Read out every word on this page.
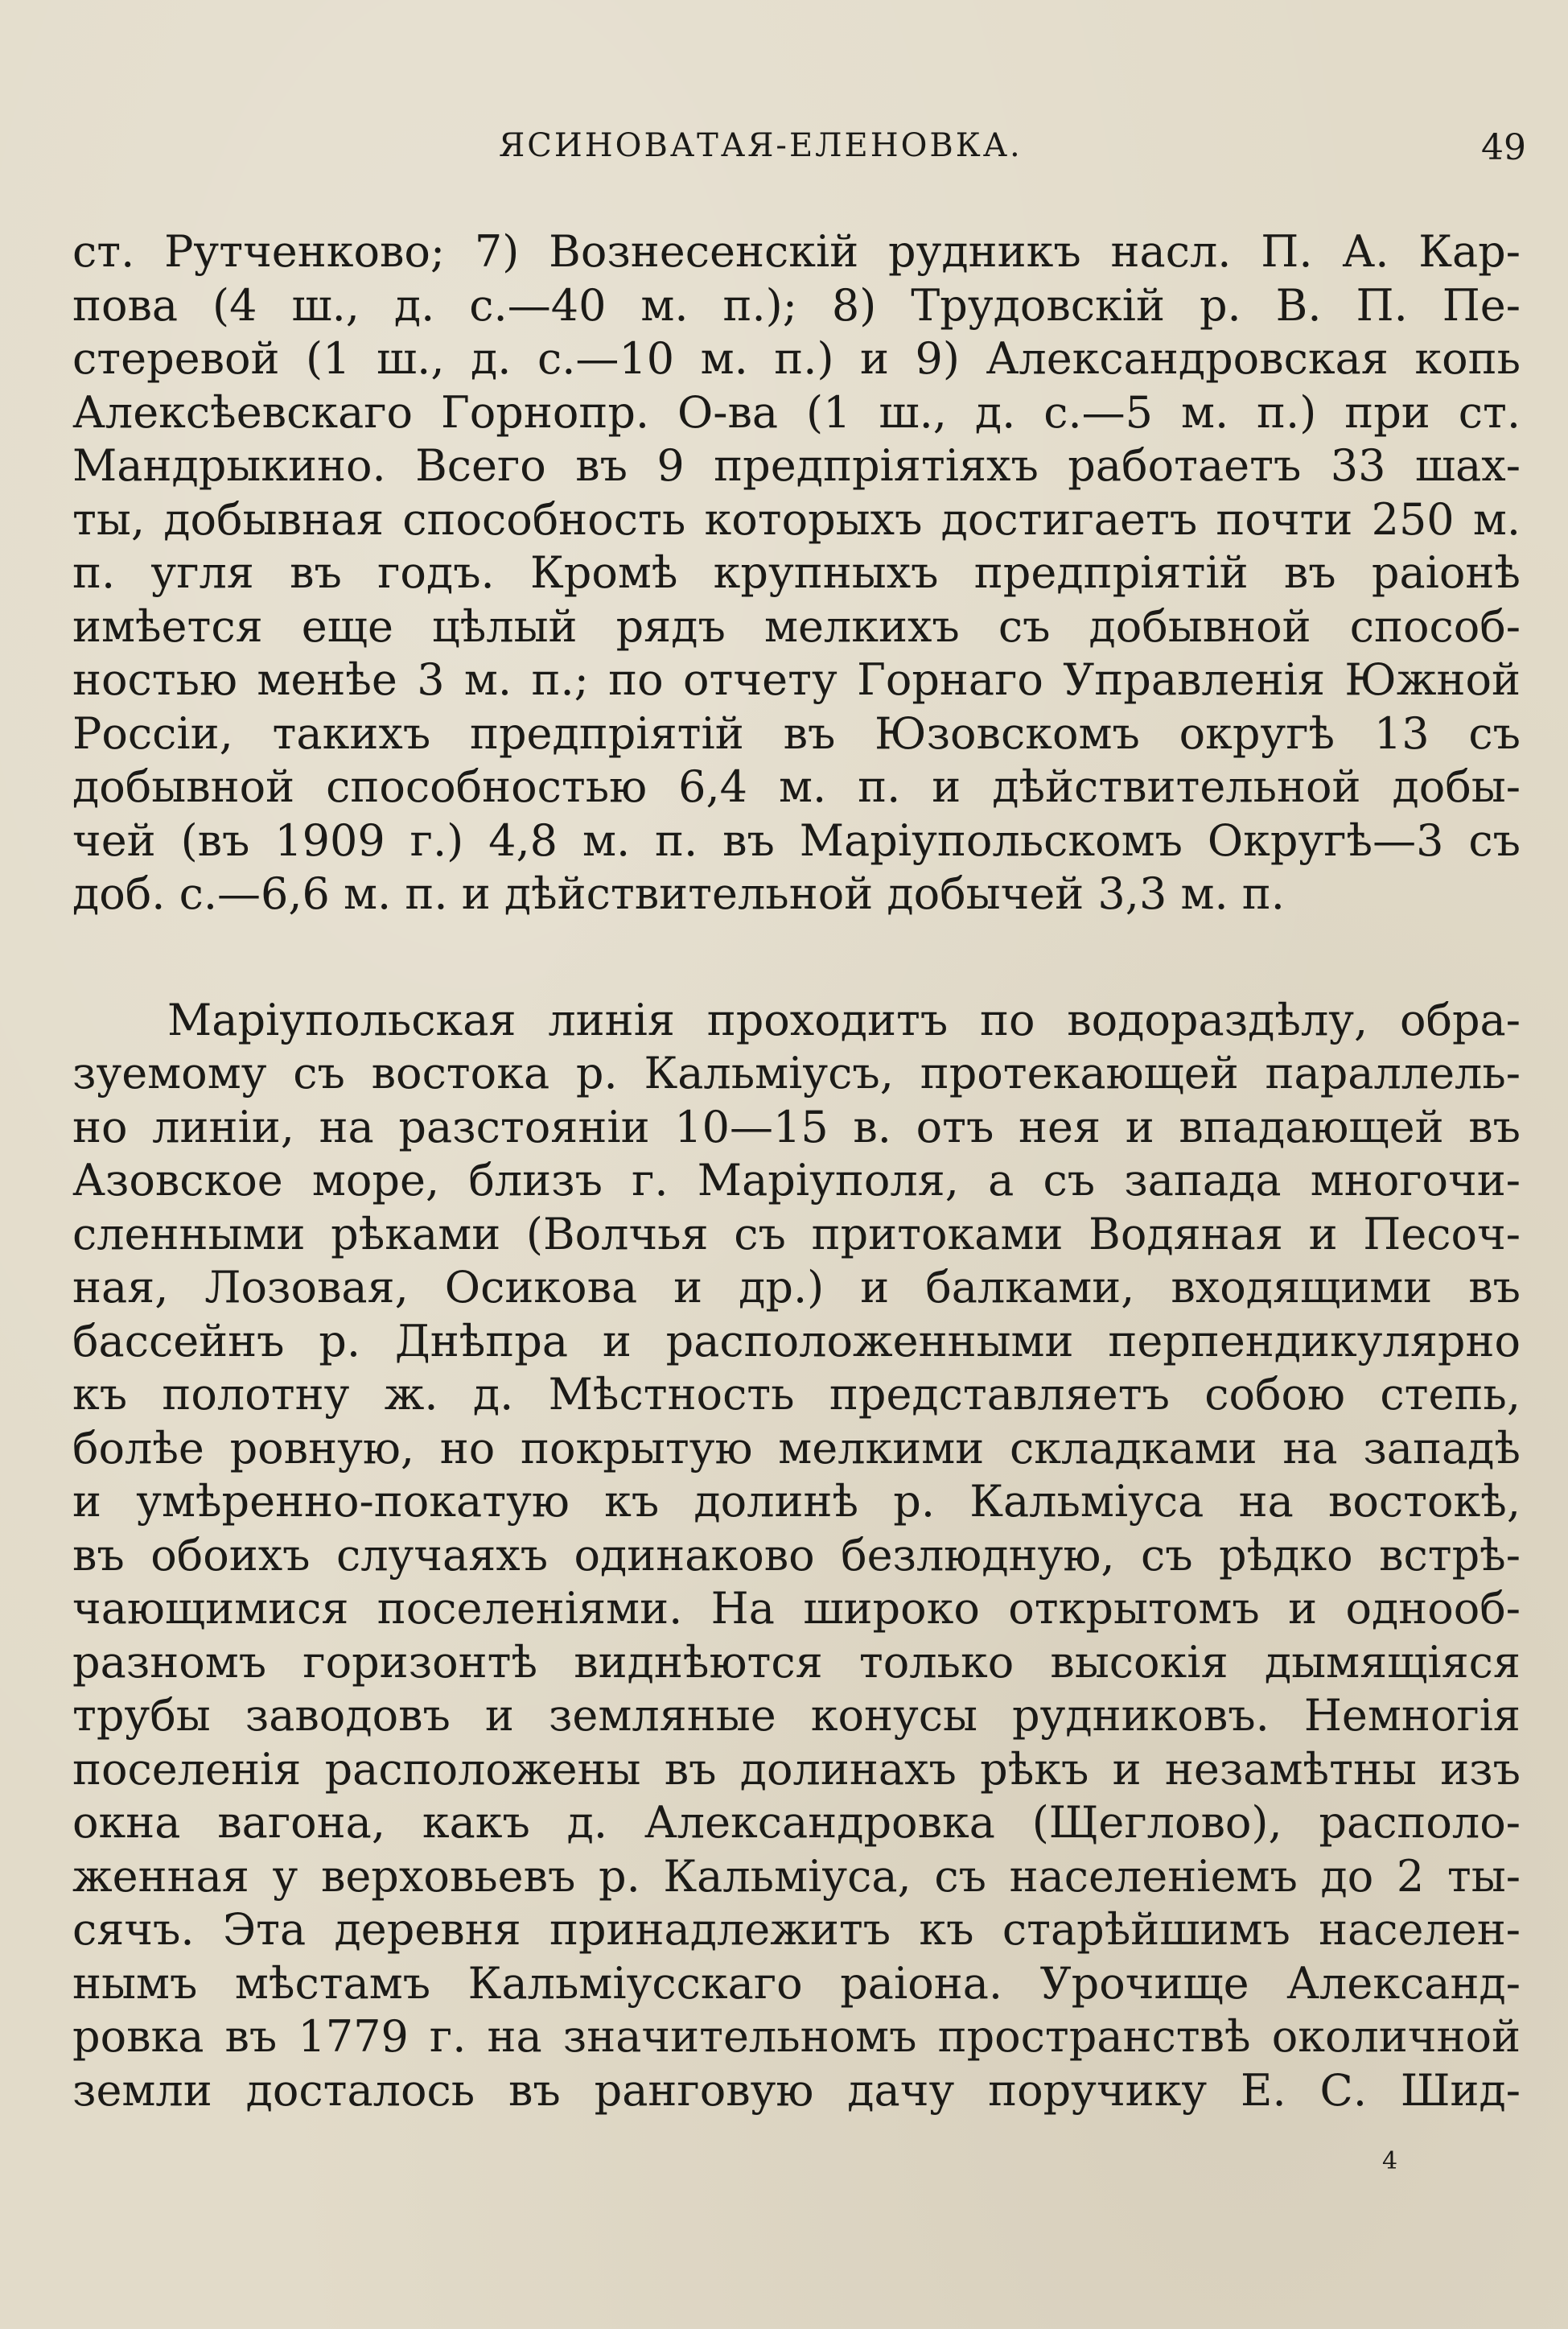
ЯСИНОВАТАЯ-ЕЛЕНОВКА.	49
ст. Рутченково; 7) Вознесенскій рудникъ насл. П. А. Кар-
пова (4 ш., д. с.—40 м. п.); 8) Трудовскій р. В. П. Пе-
стеревой (1 ш., д. с.—10 м. п.) и 9) Александровская копь
Алексѣевскаго Горнопр. О-ва (1 ш., д. с.—5 м. п.) при ст.
Мандрыкино. Всего въ 9 предпріятіяхъ работаетъ 33 шах-
ты, добывная способность которыхъ достигаетъ почти 250 м.
п. угля въ годъ. Кромѣ крупныхъ предпріятій въ раіонѣ
имѣется еще цѣлый рядъ мелкихъ съ добывной способ-
ностью менѣе 3 м. п.; по отчету Горнаго Управленія Южной
Россіи, такихъ предпріятій въ Юзовскомъ округѣ 13 съ
добывной способностью 6,4 м. п. и дѣйствительной добы-
чей (въ 1909 г.) 4,8 м. п. въ Маріупольскомъ Округѣ—3 съ
доб. с.—6,6 м. п. и дѣйствительной добычей 3,3 м. п.
Маріупольская линія проходитъ по водораздѣлу, обра-
зуемому съ востока р. Кальміусъ, протекающей параллель-
но линіи, на разстояніи 10—15 в. отъ нея и впадающей въ
Азовское море, близъ г. Маріуполя, а съ запада многочи-
сленными рѣками (Волчья съ притоками Водяная и Песоч-
ная, Лозовая, Осикова и др.) и балками, входящими въ
бассейнъ р. Днѣпра и расположенными перпендикулярно
къ полотну ж. д. Мѣстность представляетъ собою степь,
болѣе ровную, но покрытую мелкими складками на западѣ
и умѣренно-покатую къ долинѣ р. Кальміуса на востокѣ,
въ обоихъ случаяхъ одинаково безлюдную, съ рѣдко встрѣ-
чающимися поселеніями. На широко открытомъ и однооб-
разномъ горизонтѣ виднѣются только высокія дымящіяся
трубы заводовъ и земляные конусы рудниковъ. Немногія
поселенія расположены въ долинахъ рѣкъ и незамѣтны изъ
окна вагона, какъ д. Александровка (Щеглово), располо-
женная у верховьевъ р. Кальміуса, съ населеніемъ до 2 ты-
сячъ. Эта деревня принадлежитъ къ старѣйшимъ населен-
нымъ мѣстамъ Кальміусскаго раіона. Урочище Александ-
ровка въ 1779 г. на значительномъ пространствѣ околичной
земли досталось въ ранговую дачу поручику Е. С. Шид-
4
